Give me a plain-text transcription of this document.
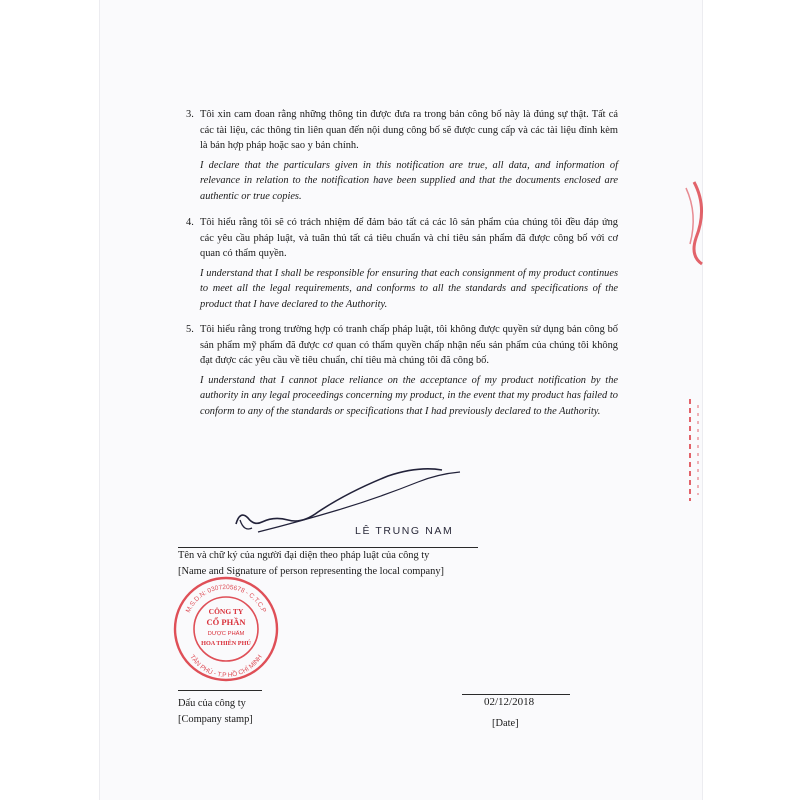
3. Tôi xin cam đoan rằng những thông tin được đưa ra trong bản công bố này là đúng sự thật. Tất cả các tài liệu, các thông tin liên quan đến nội dung công bố sẽ được cung cấp và các tài liệu đính kèm là bản hợp pháp hoặc sao y bản chính.
I declare that the particulars given in this notification are true, all data, and information of relevance in relation to the notification have been supplied and that the documents enclosed are authentic or true copies.
4. Tôi hiểu rằng tôi sẽ có trách nhiệm để đảm bảo tất cả các lô sản phẩm của chúng tôi đều đáp ứng các yêu cầu pháp luật, và tuân thủ tất cả tiêu chuẩn và chỉ tiêu sản phẩm đã được công bố với cơ quan có thẩm quyền.
I understand that I shall be responsible for ensuring that each consignment of my product continues to meet all the legal requirements, and conforms to all the standards and specifications of the product that I have declared to the Authority.
5. Tôi hiểu rằng trong trường hợp có tranh chấp pháp luật, tôi không được quyền sử dụng bản công bố sản phẩm mỹ phẩm đã được cơ quan có thẩm quyền chấp nhận nếu sản phẩm của chúng tôi không đạt được các yêu cầu về tiêu chuẩn, chỉ tiêu mà chúng tôi đã công bố.
I understand that I cannot place reliance on the acceptance of my product notification by the authority in any legal proceedings concerning my product, in the event that my product has failed to conform to any of the standards or specifications that I had previously declared to the Authority.
LÊ TRUNG NAM
Tên và chữ ký của người đại diện theo pháp luật của công ty
[Name and Signature of person representing the local company]
M.S.D.N: 0307205678 - C.T.C.P
TÂN PHÚ - T.P HỒ CHÍ MINH
CÔNG TY
CỔ PHẦN
DƯỢC PHẨM
HOA THIÊN PHÚ
Dấu của công ty
[Company stamp]
02/12/2018
[Date]
